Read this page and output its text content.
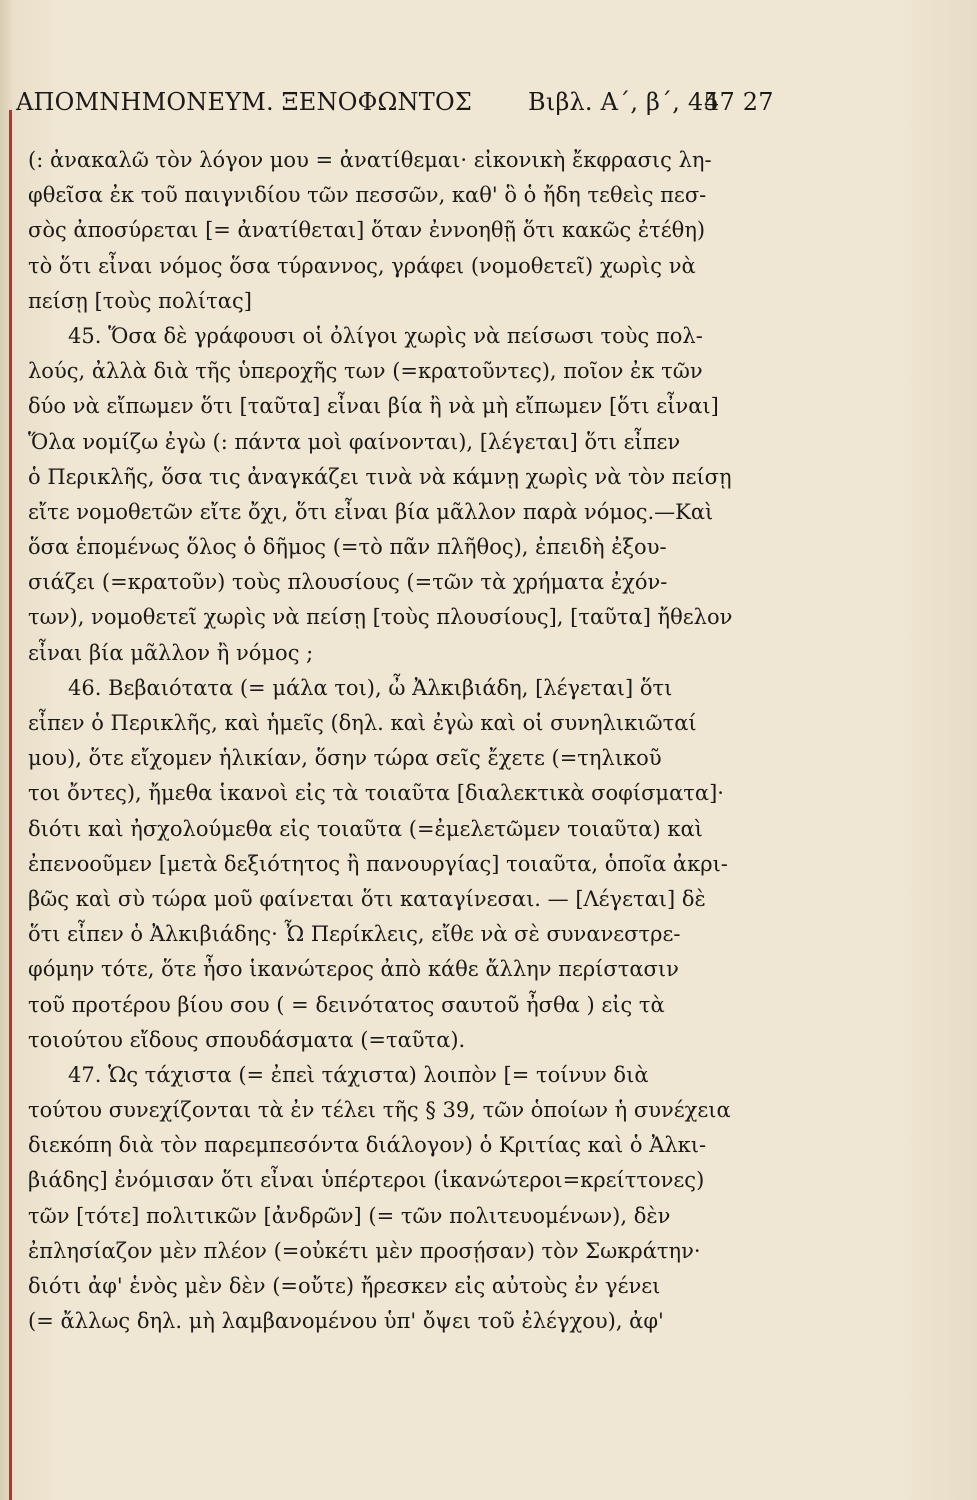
ΑΠΟΜΝΗΜΟΝΕΥΜ. ΞΕΝΟΦΩΝΤΟΣ Βιβλ. Α΄, β΄, 45
47 27
(: ἀνακαλῶ τὸν λόγον μου = ἀνατίθεμαι· εἰκονικὴ ἔκφρασις λη-
φθεῖσα ἐκ τοῦ παιγνιδίου τῶν πεσσῶν, καθ' ὃ ὁ ἤδη τεθεὶς πεσ-
σὸς ἀποσύρεται [= ἀνατίθεται] ὅταν ἐννοηθῇ ὅτι κακῶς ἐτέθη)
τὸ ὅτι εἶναι νόμος ὅσα τύραννος, γράφει (νομοθετεῖ) χωρὶς νὰ
πείσῃ [τοὺς πολίτας]
45. Ὅσα δὲ γράφουσι οἱ ὀλίγοι χωρὶς νὰ πείσωσι τοὺς πολ-
λούς, ἀλλὰ διὰ τῆς ὑπεροχῆς των (=κρατοῦντες), ποῖον ἐκ τῶν
δύο νὰ εἴπωμεν ὅτι [ταῦτα] εἶναι βία ἢ νὰ μὴ εἴπωμεν [ὅτι εἶναι]
Ὅλα νομίζω ἐγὼ (: πάντα μοὶ φαίνονται), [λέγεται] ὅτι εἶπεν
ὁ Περικλῆς, ὅσα τις ἀναγκάζει τινὰ νὰ κάμνῃ χωρὶς νὰ τὸν πείσῃ
εἴτε νομοθετῶν εἴτε ὄχι, ὅτι εἶναι βία μᾶλλον παρὰ νόμος.—Καὶ
ὅσα ἑπομένως ὅλος ὁ δῆμος (=τὸ πᾶν πλῆθος), ἐπειδὴ ἐξου-
σιάζει (=κρατοῦν) τοὺς πλουσίους (=τῶν τὰ χρήματα ἐχόν-
των), νομοθετεῖ χωρὶς νὰ πείσῃ [τοὺς πλουσίους], [ταῦτα] ἤθελον
εἶναι βία μᾶλλον ἢ νόμος ;
46. Βεβαιότατα (= μάλα τοι), ὦ Ἀλκιβιάδη, [λέγεται] ὅτι
εἶπεν ὁ Περικλῆς, καὶ ἡμεῖς (δηλ. καὶ ἐγὼ καὶ οἱ συνηλικιῶταί
μου), ὅτε εἴχομεν ἡλικίαν, ὅσην τώρα σεῖς ἔχετε (=τηλικοῦ
τοι ὄντες), ἤμεθα ἱκανοὶ εἰς τὰ τοιαῦτα [διαλεκτικὰ σοφίσματα]·
διότι καὶ ἠσχολούμεθα εἰς τοιαῦτα (=ἐμελετῶμεν τοιαῦτα) καὶ
ἐπενοοῦμεν [μετὰ δεξιότητος ἢ πανουργίας] τοιαῦτα, ὁποῖα ἀκρι-
βῶς καὶ σὺ τώρα μοῦ φαίνεται ὅτι καταγίνεσαι. — [Λέγεται] δὲ
ὅτι εἶπεν ὁ Ἀλκιβιάδης· Ὦ Περίκλεις, εἴθε νὰ σὲ συνανεστρε-
φόμην τότε, ὅτε ἦσο ἱκανώτερος ἀπὸ κάθε ἄλλην περίστασιν
τοῦ προτέρου βίου σου ( = δεινότατος σαυτοῦ ἦσθα ) εἰς τὰ
τοιούτου εἴδους σπουδάσματα (=ταῦτα).
47. Ὡς τάχιστα (= ἐπεὶ τάχιστα) λοιπὸν [= τοίνυν διὰ
τούτου συνεχίζονται τὰ ἐν τέλει τῆς § 39, τῶν ὁποίων ἡ συνέχεια
διεκόπη διὰ τὸν παρεμπεσόντα διάλογον) ὁ Κριτίας καὶ ὁ Ἀλκι-
βιάδης] ἐνόμισαν ὅτι εἶναι ὑπέρτεροι (ἱκανώτεροι=κρείττονες)
τῶν [τότε] πολιτικῶν [ἀνδρῶν] (= τῶν πολιτευομένων), δὲν
ἐπλησίαζον μὲν πλέον (=οὐκέτι μὲν προσῄσαν) τὸν Σωκράτην·
διότι ἀφ' ἑνὸς μὲν δὲν (=οὔτε) ἤρεσκεν εἰς αὐτοὺς ἐν γένει
(= ἄλλως δηλ. μὴ λαμβανομένου ὑπ' ὄψει τοῦ ἐλέγχου), ἀφ'
